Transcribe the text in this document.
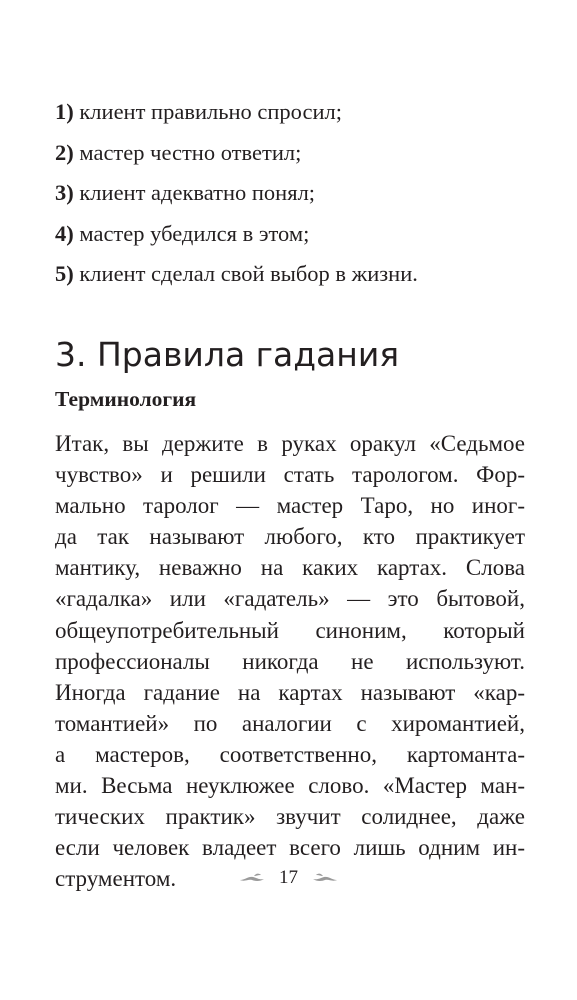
1) клиент правильно спросил;
2) мастер честно ответил;
3) клиент адекватно понял;
4) мастер убедился в этом;
5) клиент сделал свой выбор в жизни.
3. Правила гадания
Терминология
Итак, вы держите в руках оракул «Седьмое
чувство» и решили стать тарологом. Фор-
мально таролог — мастер Таро, но иног-
да так называют любого, кто практикует
мантику, неважно на каких картах. Слова
«гадалка» или «гадатель» — это бытовой,
общеупотребительный синоним, который
профессионалы никогда не используют.
Иногда гадание на картах называют «кар-
томантией» по аналогии с хиромантией,
а мастеров, соответственно, картоманта-
ми. Весьма неуклюжее слово. «Мастер ман-
тических практик» звучит солиднее, даже
если человек владеет всего лишь одним ин-
струментом.	17
